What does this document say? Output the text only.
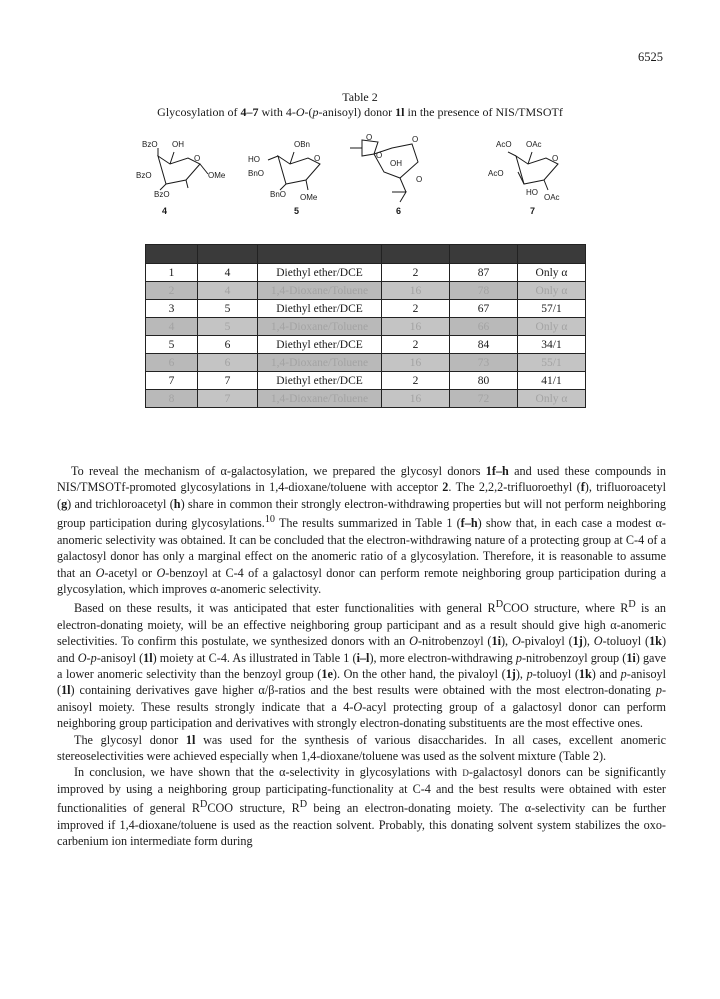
6525
Table 2
Glycosylation of 4–7 with 4-O-(p-anisoyl) donor 1l in the presence of NIS/TMSOTf
BzO OH
O
BzO	OMe
BzO
4
OBn
HO	O
BnO
BnO OMe
5
O
O
OH
O
O
6
AcO OAc
O
AcO
HO
OAc
7

1	4	Diethyl ether/DCE	2	87	Only α
2	4	1,4-Dioxane/Toluene	16	78	Only α
3	5	Diethyl ether/DCE	2	67	57/1
4	5	1,4-Dioxane/Toluene	16	66	Only α
5	6	Diethyl ether/DCE	2	84	34/1
6	6	1,4-Dioxane/Toluene	16	73	55/1
7	7	Diethyl ether/DCE	2	80	41/1
8	7	1,4-Dioxane/Toluene	16	72	Only α

To reveal the mechanism of α-galactosylation, we prepared the glycosyl donors 1f–h and used these compounds in NIS/TMSOTf-promoted glycosylations in 1,4-dioxane/toluene with acceptor 2. The 2,2,2-trifluoroethyl (f), trifluoroacetyl (g) and trichloroacetyl (h) share in common their strongly electron-withdrawing properties but will not perform neighboring group participation during glycosylations.$^{10}$ The results summarized in Table 1 (f–h) show that, in each case a modest α-anomeric selectivity was obtained. It can be concluded that the electron-withdrawing nature of a protecting group at C-4 of a galactosyl donor has only a marginal effect on the anomeric ratio of a glycosylation. Therefore, it is reasonable to assume that an O-acetyl or O-benzoyl at C-4 of a galactosyl donor can perform remote neighboring group participation during a glycosylation, which improves α-anomeric selectivity.

Based on these results, it was anticipated that ester functionalities with general $R^DCOO$ structure, where $R^D$ is an electron-donating moiety, will be an effective neighboring group participant and as a result should give high α-anomeric selectivities. To confirm this postulate, we synthesized donors with an O-nitrobenzoyl (1i), O-pivaloyl (1j), O-toluoyl (1k) and O-p-anisoyl (1l) moiety at C-4. As illustrated in Table 1 (i–l), more electron-withdrawing p-nitrobenzoyl group (1i) gave a lower anomeric selectivity than the benzoyl group (1e). On the other hand, the pivaloyl (1j), p-toluoyl (1k) and p-anisoyl (1l) containing derivatives gave higher α/β-ratios and the best results were obtained with the most electron-donating p-anisoyl moiety. These results strongly indicate that a 4-O-acyl protecting group of a galactosyl donor can perform neighboring group participation and derivatives with strongly electron-donating substituents are the most effective ones.

The glycosyl donor 1l was used for the synthesis of various disaccharides. In all cases, excellent anomeric stereoselectivities were achieved especially when 1,4-dioxane/toluene was used as the solvent mixture (Table 2).

In conclusion, we have shown that the α-selectivity in glycosylations with d-galactosyl donors can be significantly improved by using a neighboring group participating-functionality at C-4 and the best results were obtained with ester functionalities of general $R^DCOO$ structure, $R^D$ being an electron-donating moiety. The α-selectivity can be further improved if 1,4-dioxane/toluene is used as the reaction solvent. Probably, this donating solvent system stabilizes the oxo-carbenium ion intermediate form during
